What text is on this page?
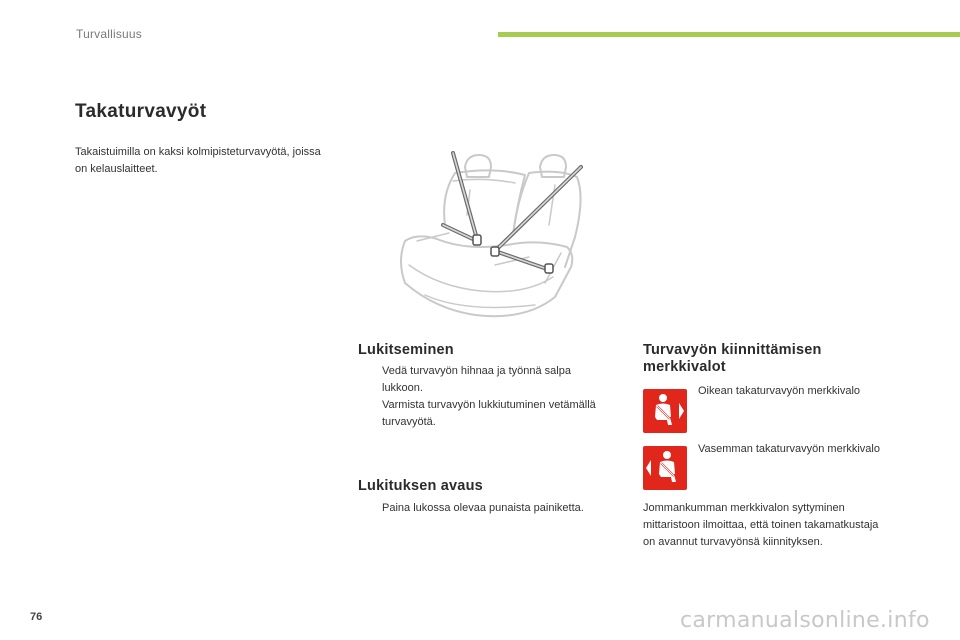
Turvallisuus
Takaturvavyöt
Takaistuimilla on kaksi kolmipisteturvavyötä, joissa on kelauslaitteet.
Lukitseminen
Vedä turvavyön hihnaa ja työnnä salpa lukkoon.
Varmista turvavyön lukkiutuminen vetämällä turvavyötä.
Lukituksen avaus
Paina lukossa olevaa punaista painiketta.
Turvavyön kiinnittämisen merkkivalot
Oikean takaturvavyön merkkivalo
Vasemman takaturvavyön merkkivalo
Jommankumman merkkivalon syttyminen mittaristoon ilmoittaa, että toinen takamatkustaja on avannut turvavyönsä kiinnityksen.
76	carmanualsonline.info
